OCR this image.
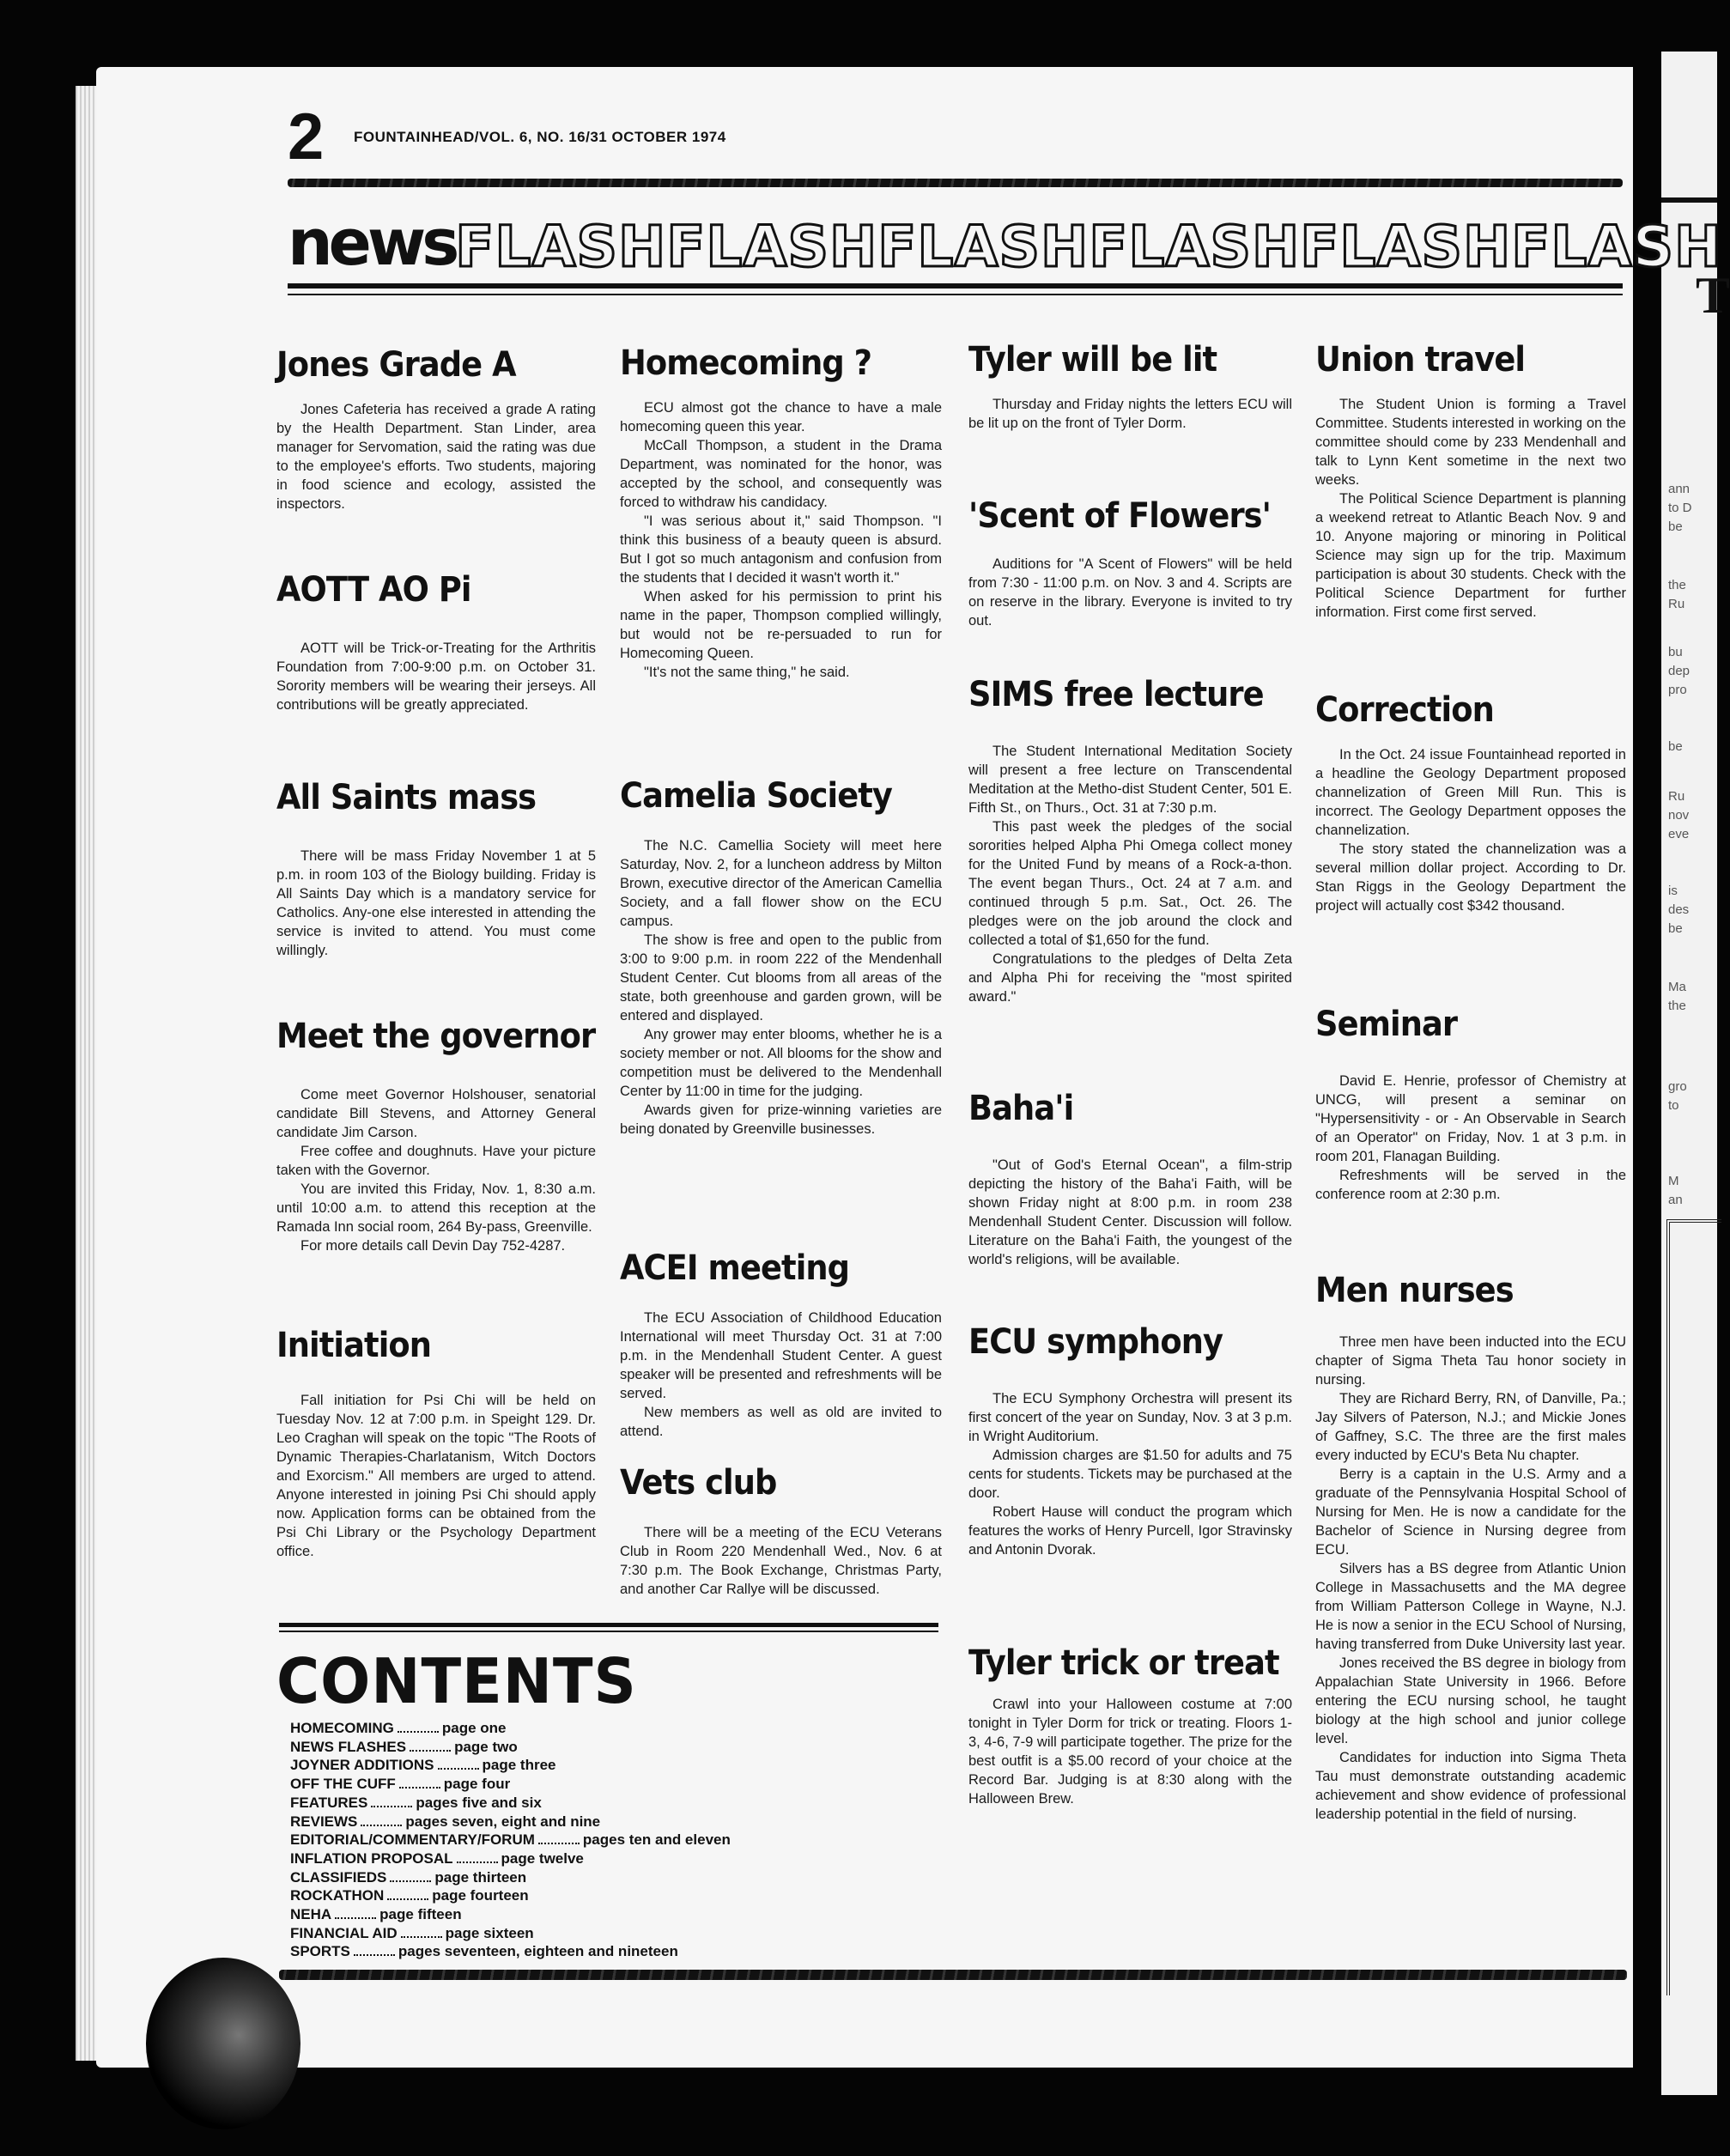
T
ann
to D
be
the
Ru
bu
dep
pro
be
Ru
nov
eve
is
des
be
Ma
the
gro
to
M
an
2 FOUNTAINHEAD/VOL. 6, NO. 16/31 OCTOBER 1974
newsFLASHFLASHFLASHFLASHFLASHFLASH
Jones Grade A

Jones Cafeteria has received a grade A rating by the Health Department. Stan Linder, area manager for Servomation, said the rating was due to the employee's efforts. Two students, majoring in food science and ecology, assisted the inspectors.

AOTT AO Pi

AOTT will be Trick-or-Treating for the Arthritis Foundation from 7:00-9:00 p.m. on October 31. Sorority members will be wearing their jerseys. All contributions will be greatly appreciated.

All Saints mass

There will be mass Friday November 1 at 5 p.m. in room 103 of the Biology building. Friday is All Saints Day which is a mandatory service for Catholics. Any-one else interested in attending the service is invited to attend. You must come willingly.

Meet the governor

Come meet Governor Holshouser, senatorial candidate Bill Stevens, and Attorney General candidate Jim Carson.

Free coffee and doughnuts. Have your picture taken with the Governor.

You are invited this Friday, Nov. 1, 8:30 a.m. until 10:00 a.m. to attend this reception at the Ramada Inn social room, 264 By-pass, Greenville.

For more details call Devin Day 752-4287.

Initiation

Fall initiation for Psi Chi will be held on Tuesday Nov. 12 at 7:00 p.m. in Speight 129. Dr. Leo Craghan will speak on the topic "The Roots of Dynamic Therapies-Charlatanism, Witch Doctors and Exorcism." All members are urged to attend. Anyone interested in joining Psi Chi should apply now. Application forms can be obtained from the Psi Chi Library or the Psychology Department office.

Homecoming ?

ECU almost got the chance to have a male homecoming queen this year.

McCall Thompson, a student in the Drama Department, was nominated for the honor, was accepted by the school, and consequently was forced to withdraw his candidacy.

"I was serious about it," said Thompson. "I think this business of a beauty queen is absurd. But I got so much antagonism and confusion from the students that I decided it wasn't worth it."

When asked for his permission to print his name in the paper, Thompson complied willingly, but would not be re-persuaded to run for Homecoming Queen.

"It's not the same thing," he said.

Camelia Society

The N.C. Camellia Society will meet here Saturday, Nov. 2, for a luncheon address by Milton Brown, executive director of the American Camellia Society, and a fall flower show on the ECU campus.

The show is free and open to the public from 3:00 to 9:00 p.m. in room 222 of the Mendenhall Student Center. Cut blooms from all areas of the state, both greenhouse and garden grown, will be entered and displayed.

Any grower may enter blooms, whether he is a society member or not. All blooms for the show and competition must be delivered to the Mendenhall Center by 11:00 in time for the judging.

Awards given for prize-winning varieties are being donated by Greenville businesses.

ACEI meeting

The ECU Association of Childhood Education International will meet Thursday Oct. 31 at 7:00 p.m. in the Mendenhall Student Center. A guest speaker will be presented and refreshments will be served.

New members as well as old are invited to attend.

Vets club

There will be a meeting of the ECU Veterans Club in Room 220 Mendenhall Wed., Nov. 6 at 7:30 p.m. The Book Exchange, Christmas Party, and another Car Rallye will be discussed.

Tyler will be lit

Thursday and Friday nights the letters ECU will be lit up on the front of Tyler Dorm.

'Scent of Flowers'

Auditions for "A Scent of Flowers" will be held from 7:30 - 11:00 p.m. on Nov. 3 and 4. Scripts are on reserve in the library. Everyone is invited to try out.

SIMS free lecture

The Student International Meditation Society will present a free lecture on Transcendental Meditation at the Metho-dist Student Center, 501 E. Fifth St., on Thurs., Oct. 31 at 7:30 p.m.

This past week the pledges of the social sororities helped Alpha Phi Omega collect money for the United Fund by means of a Rock-a-thon. The event began Thurs., Oct. 24 at 7 a.m. and continued through 5 p.m. Sat., Oct. 26. The pledges were on the job around the clock and collected a total of $1,650 for the fund.

Congratulations to the pledges of Delta Zeta and Alpha Phi for receiving the "most spirited award."

Baha'i

"Out of God's Eternal Ocean", a film-strip depicting the history of the Baha'i Faith, will be shown Friday night at 8:00 p.m. in room 238 Mendenhall Student Center. Discussion will follow. Literature on the Baha'i Faith, the youngest of the world's religions, will be available.

ECU symphony

The ECU Symphony Orchestra will present its first concert of the year on Sunday, Nov. 3 at 3 p.m. in Wright Auditorium.

Admission charges are $1.50 for adults and 75 cents for students. Tickets may be purchased at the door.

Robert Hause will conduct the program which features the works of Henry Purcell, Igor Stravinsky and Antonin Dvorak.

Tyler trick or treat

Crawl into your Halloween costume at 7:00 tonight in Tyler Dorm for trick or treating. Floors 1-3, 4-6, 7-9 will participate together. The prize for the best outfit is a $5.00 record of your choice at the Record Bar. Judging is at 8:30 along with the Halloween Brew.

Union travel

The Student Union is forming a Travel Committee. Students interested in working on the committee should come by 233 Mendenhall and talk to Lynn Kent sometime in the next two weeks.

The Political Science Department is planning a weekend retreat to Atlantic Beach Nov. 9 and 10. Anyone majoring or minoring in Political Science may sign up for the trip. Maximum participation is about 30 students. Check with the Political Science Department for further information. First come first served.

Correction

In the Oct. 24 issue Fountainhead reported in a headline the Geology Department proposed channelization of Green Mill Run. This is incorrect. The Geology Department opposes the channelization.

The story stated the channelization was a several million dollar project. According to Dr. Stan Riggs in the Geology Department the project will actually cost $342 thousand.

Seminar

David E. Henrie, professor of Chemistry at UNCG, will present a seminar on "Hypersensitivity - or - An Observable in Search of an Operator" on Friday, Nov. 1 at 3 p.m. in room 201, Flanagan Building.

Refreshments will be served in the conference room at 2:30 p.m.

Men nurses

Three men have been inducted into the ECU chapter of Sigma Theta Tau honor society in nursing.

They are Richard Berry, RN, of Danville, Pa.; Jay Silvers of Paterson, N.J.; and Mickie Jones of Gaffney, S.C. The three are the first males every inducted by ECU's Beta Nu chapter.

Berry is a captain in the U.S. Army and a graduate of the Pennsylvania Hospital School of Nursing for Men. He is now a candidate for the Bachelor of Science in Nursing degree from ECU.

Silvers has a BS degree from Atlantic Union College in Massachusetts and the MA degree from William Patterson College in Wayne, N.J. He is now a senior in the ECU School of Nursing, having transferred from Duke University last year.

Jones received the BS degree in biology from Appalachian State University in 1966. Before entering the ECU nursing school, he taught biology at the high school and junior college level.

Candidates for induction into Sigma Theta Tau must demonstrate outstanding academic achievement and show evidence of professional leadership potential in the field of nursing.

CONTENTS
HOMECOMING	page one
NEWS FLASHES	page two
JOYNER ADDITIONS	page three
OFF THE CUFF	page four
FEATURES	pages five and six
REVIEWS	pages seven, eight and nine
EDITORIAL/COMMENTARY/FORUM	pages ten and eleven
INFLATION PROPOSAL	page twelve
CLASSIFIEDS	page thirteen
ROCKATHON	page fourteen
NEHA	page fifteen
FINANCIAL AID	page sixteen
SPORTS	pages seventeen, eighteen and nineteen
